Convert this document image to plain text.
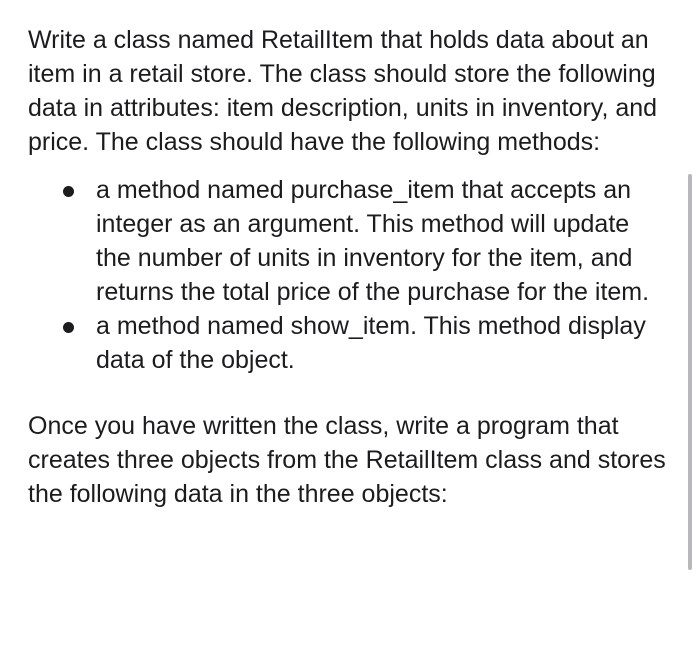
Write a class named RetailItem that holds data about an item in a retail store. The class should store the following data in attributes: item description, units in inventory, and price. The class should have the following methods:

a method named purchase_item that accepts an integer as an argument. This method will update the number of units in inventory for the item, and returns the total price of the purchase for the item.
a method named show_item. This method display data of the object.

Once you have written the class, write a program that creates three objects from the RetailItem class and stores the following data in the three objects:
